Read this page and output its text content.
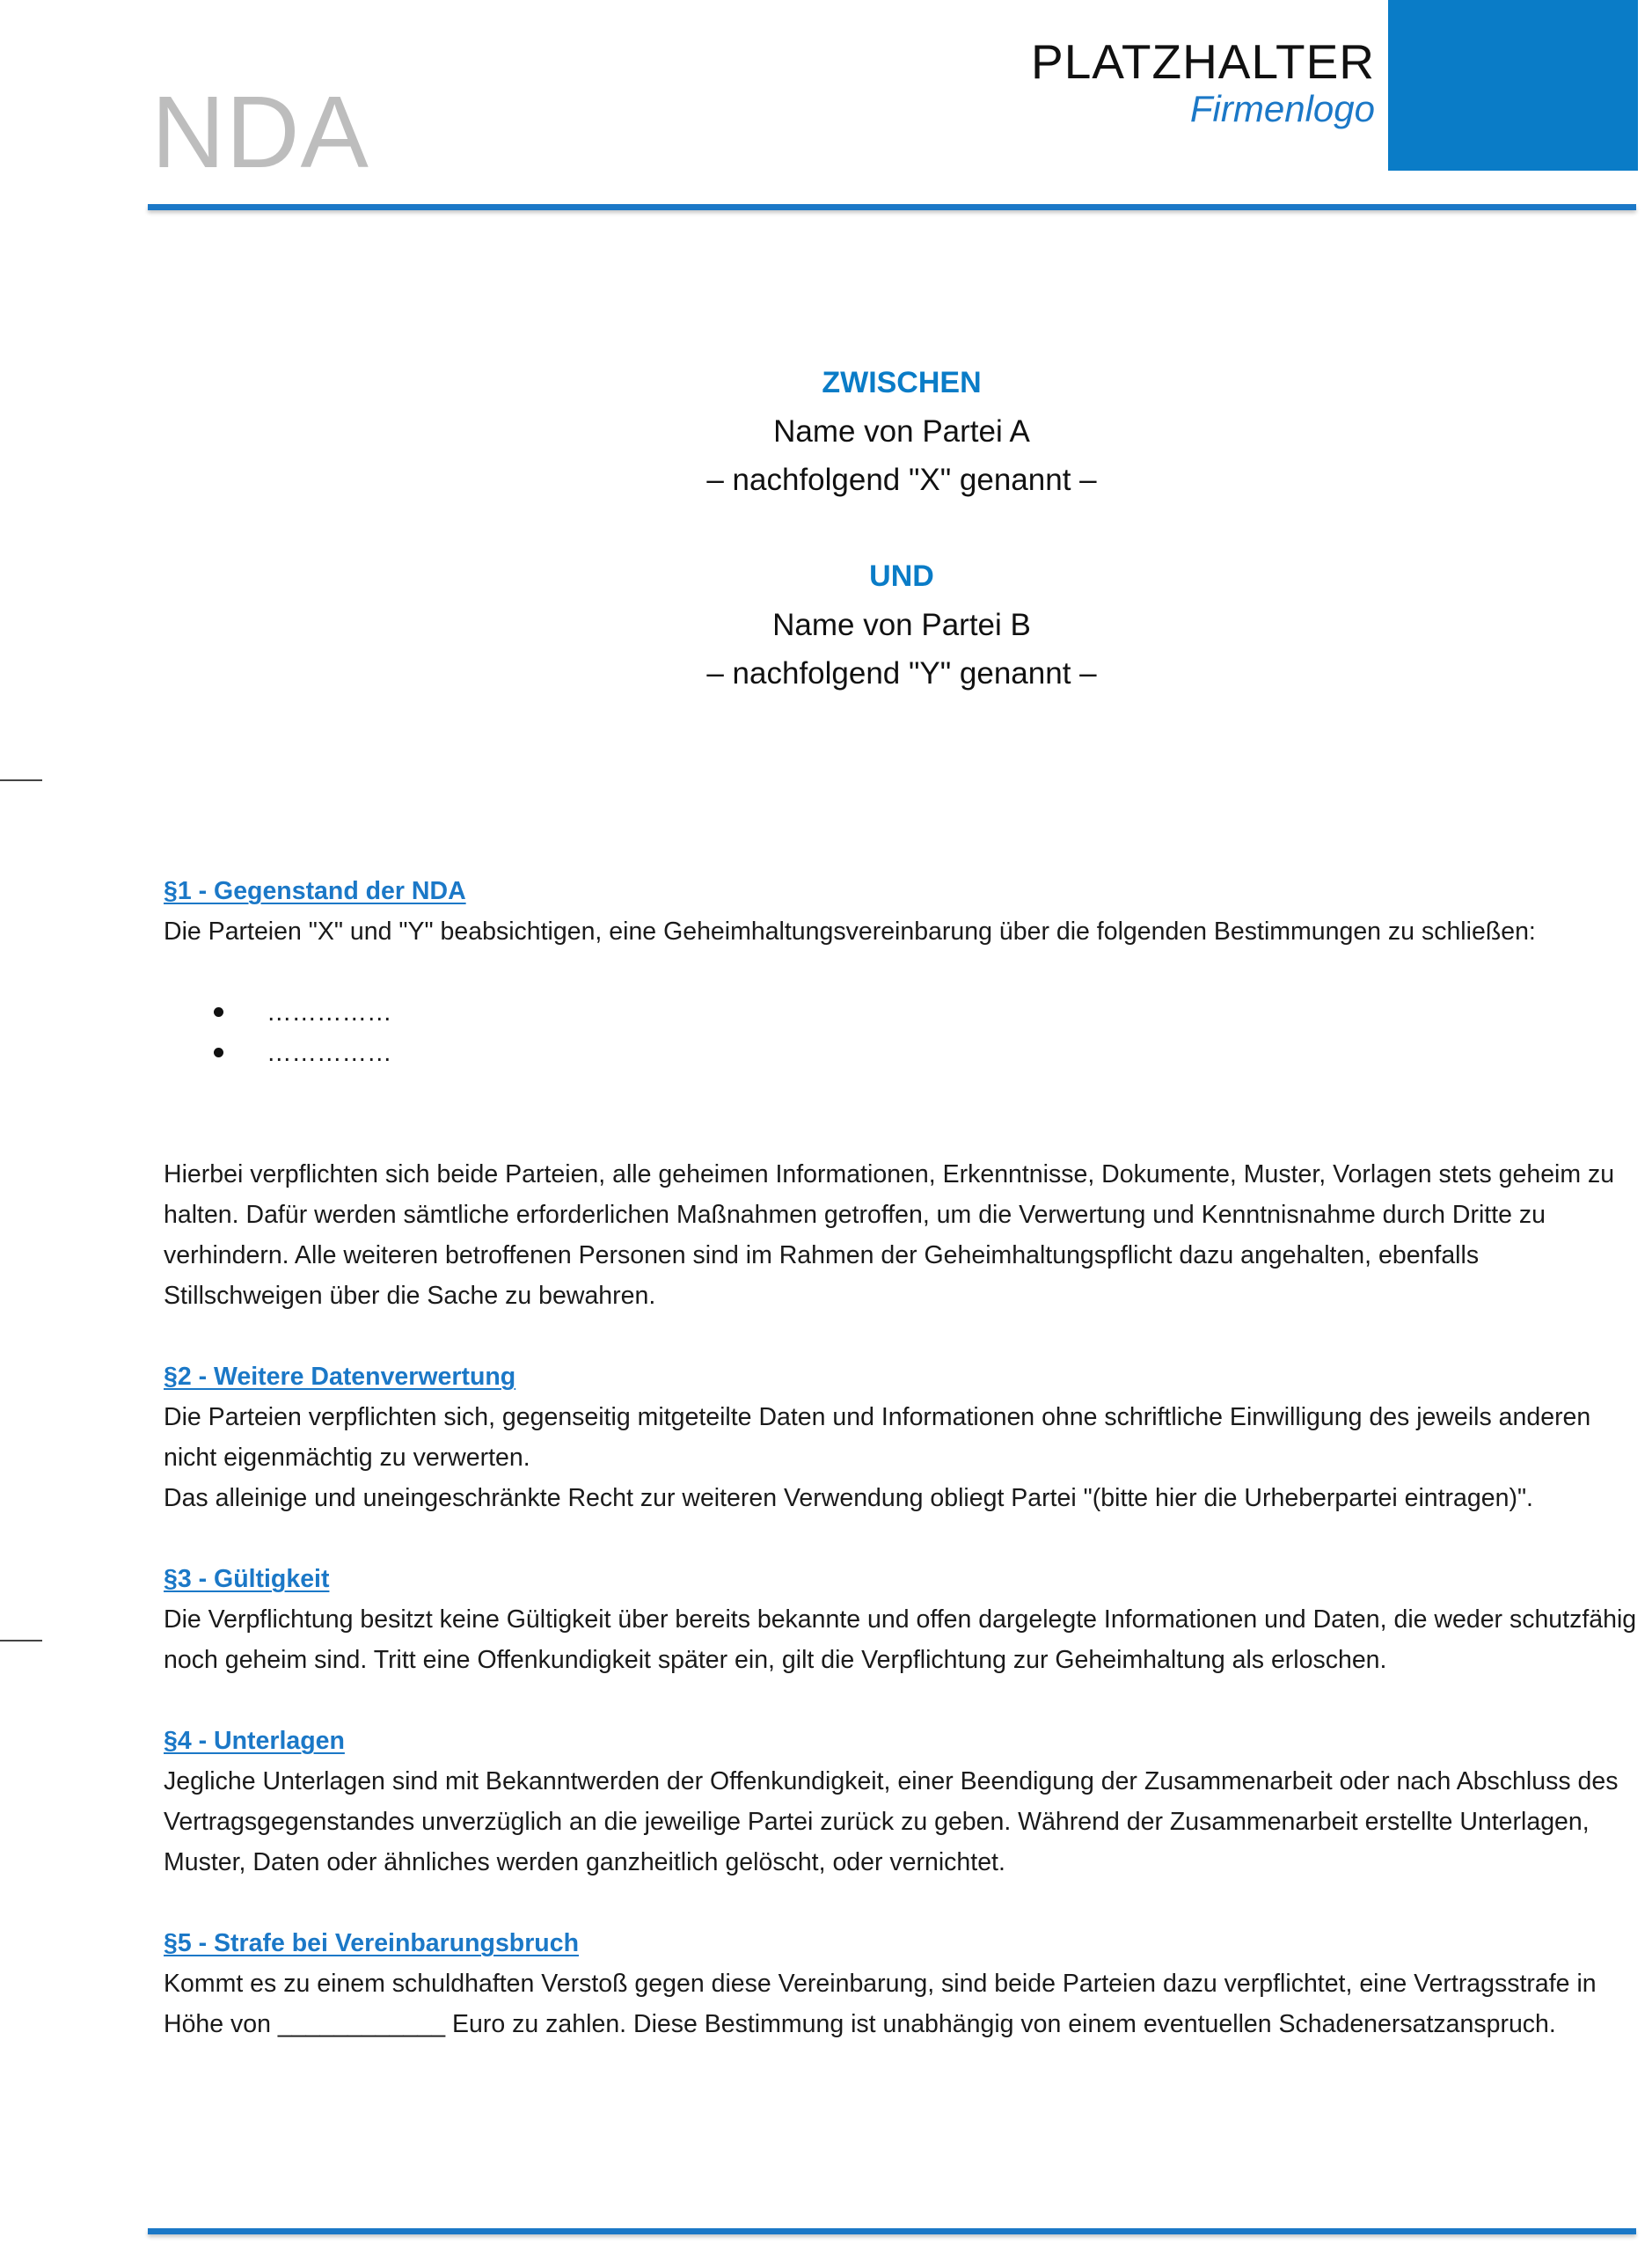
NDA
PLATZHALTER
Firmenlogo
ZWISCHEN
Name von Partei A
– nachfolgend "X" genannt –
UND
Name von Partei B
– nachfolgend "Y" genannt –
§1 - Gegenstand der NDA

Die Parteien "X" und "Y" beabsichtigen, eine Geheimhaltungsvereinbarung über die folgenden Bestimmungen zu schließen:

……………
……………

Hierbei verpflichten sich beide Parteien, alle geheimen Informationen, Erkenntnisse, Dokumente, Muster, Vorlagen stets geheim zu halten. Dafür werden sämtliche erforderlichen Maßnahmen getroffen, um die Verwertung und Kenntnisnahme durch Dritte zu verhindern. Alle weiteren betroffenen Personen sind im Rahmen der Geheimhaltungspflicht dazu angehalten, ebenfalls Stillschweigen über die Sache zu bewahren.

§2 - Weitere Datenverwertung

Die Parteien verpflichten sich, gegenseitig mitgeteilte Daten und Informationen ohne schriftliche Einwilligung des jeweils anderen nicht eigenmächtig zu verwerten.

Das alleinige und uneingeschränkte Recht zur weiteren Verwendung obliegt Partei "(bitte hier die Urheberpartei eintragen)".

§3 - Gültigkeit

Die Verpflichtung besitzt keine Gültigkeit über bereits bekannte und offen dargelegte Informationen und Daten, die weder schutzfähig noch geheim sind. Tritt eine Offenkundigkeit später ein, gilt die Verpflichtung zur Geheimhaltung als erloschen.

§4 - Unterlagen

Jegliche Unterlagen sind mit Bekanntwerden der Offenkundigkeit, einer Beendigung der Zusammenarbeit oder nach Abschluss des Vertragsgegenstandes unverzüglich an die jeweilige Partei zurück zu geben. Während der Zusammenarbeit erstellte Unterlagen, Muster, Daten oder ähnliches werden ganzheitlich gelöscht, oder vernichtet.

§5 - Strafe bei Vereinbarungsbruch

Kommt es zu einem schuldhaften Verstoß gegen diese Vereinbarung, sind beide Parteien dazu verpflichtet, eine Vertragsstrafe in Höhe von ____________ Euro zu zahlen. Diese Bestimmung ist unabhängig von einem eventuellen Schadenersatzanspruch.
